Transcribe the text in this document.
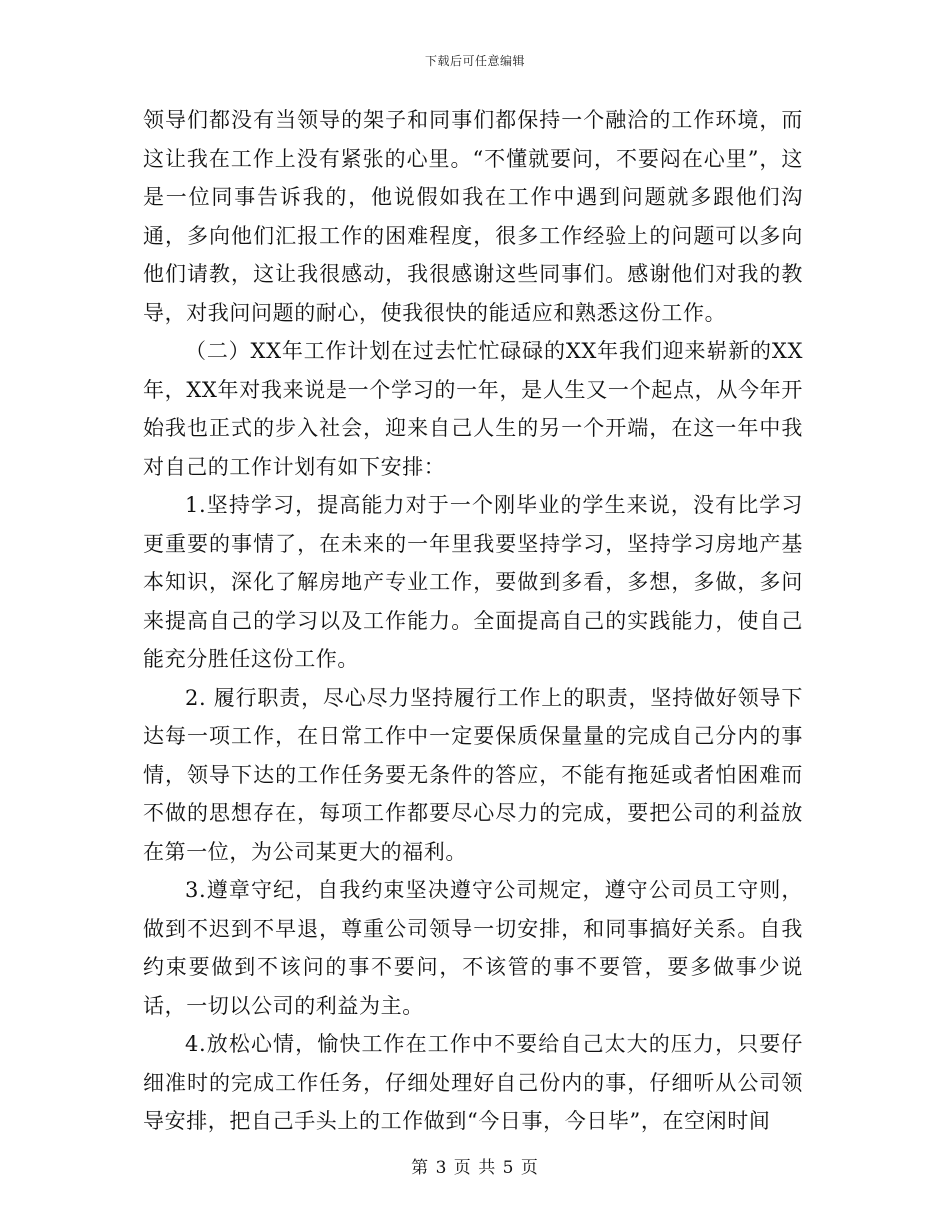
下载后可任意编辑

领导们都没有当领导的架子和同事们都保持一个融洽的工作环境，而这让我在工作上没有紧张的心里。“不懂就要问，不要闷在心里”，这是一位同事告诉我的，他说假如我在工作中遇到问题就多跟他们沟通，多向他们汇报工作的困难程度，很多工作经验上的问题可以多向他们请教，这让我很感动，我很感谢这些同事们。感谢他们对我的教导，对我问问题的耐心，使我很快的能适应和熟悉这份工作。

（二）XX年工作计划在过去忙忙碌碌的XX年我们迎来崭新的XX年，XX年对我来说是一个学习的一年，是人生又一个起点，从今年开始我也正式的步入社会，迎来自己人生的另一个开端，在这一年中我对自己的工作计划有如下安排：

1.坚持学习，提高能力对于一个刚毕业的学生来说，没有比学习更重要的事情了，在未来的一年里我要坚持学习，坚持学习房地产基本知识，深化了解房地产专业工作，要做到多看，多想，多做，多问来提高自己的学习以及工作能力。全面提高自己的实践能力，使自己能充分胜任这份工作。

2. 履行职责，尽心尽力坚持履行工作上的职责，坚持做好领导下达每一项工作，在日常工作中一定要保质保量量的完成自己分内的事情，领导下达的工作任务要无条件的答应，不能有拖延或者怕困难而不做的思想存在，每项工作都要尽心尽力的完成，要把公司的利益放在第一位，为公司某更大的福利。

3.遵章守纪，自我约束坚决遵守公司规定，遵守公司员工守则，做到不迟到不早退，尊重公司领导一切安排，和同事搞好关系。自我约束要做到不该问的事不要问，不该管的事不要管，要多做事少说话，一切以公司的利益为主。

4.放松心情，愉快工作在工作中不要给自己太大的压力，只要仔细准时的完成工作任务，仔细处理好自己份内的事，仔细听从公司领导安排，把自己手头上的工作做到“今日事，今日毕”，在空闲时间

第 3 页 共 5 页
